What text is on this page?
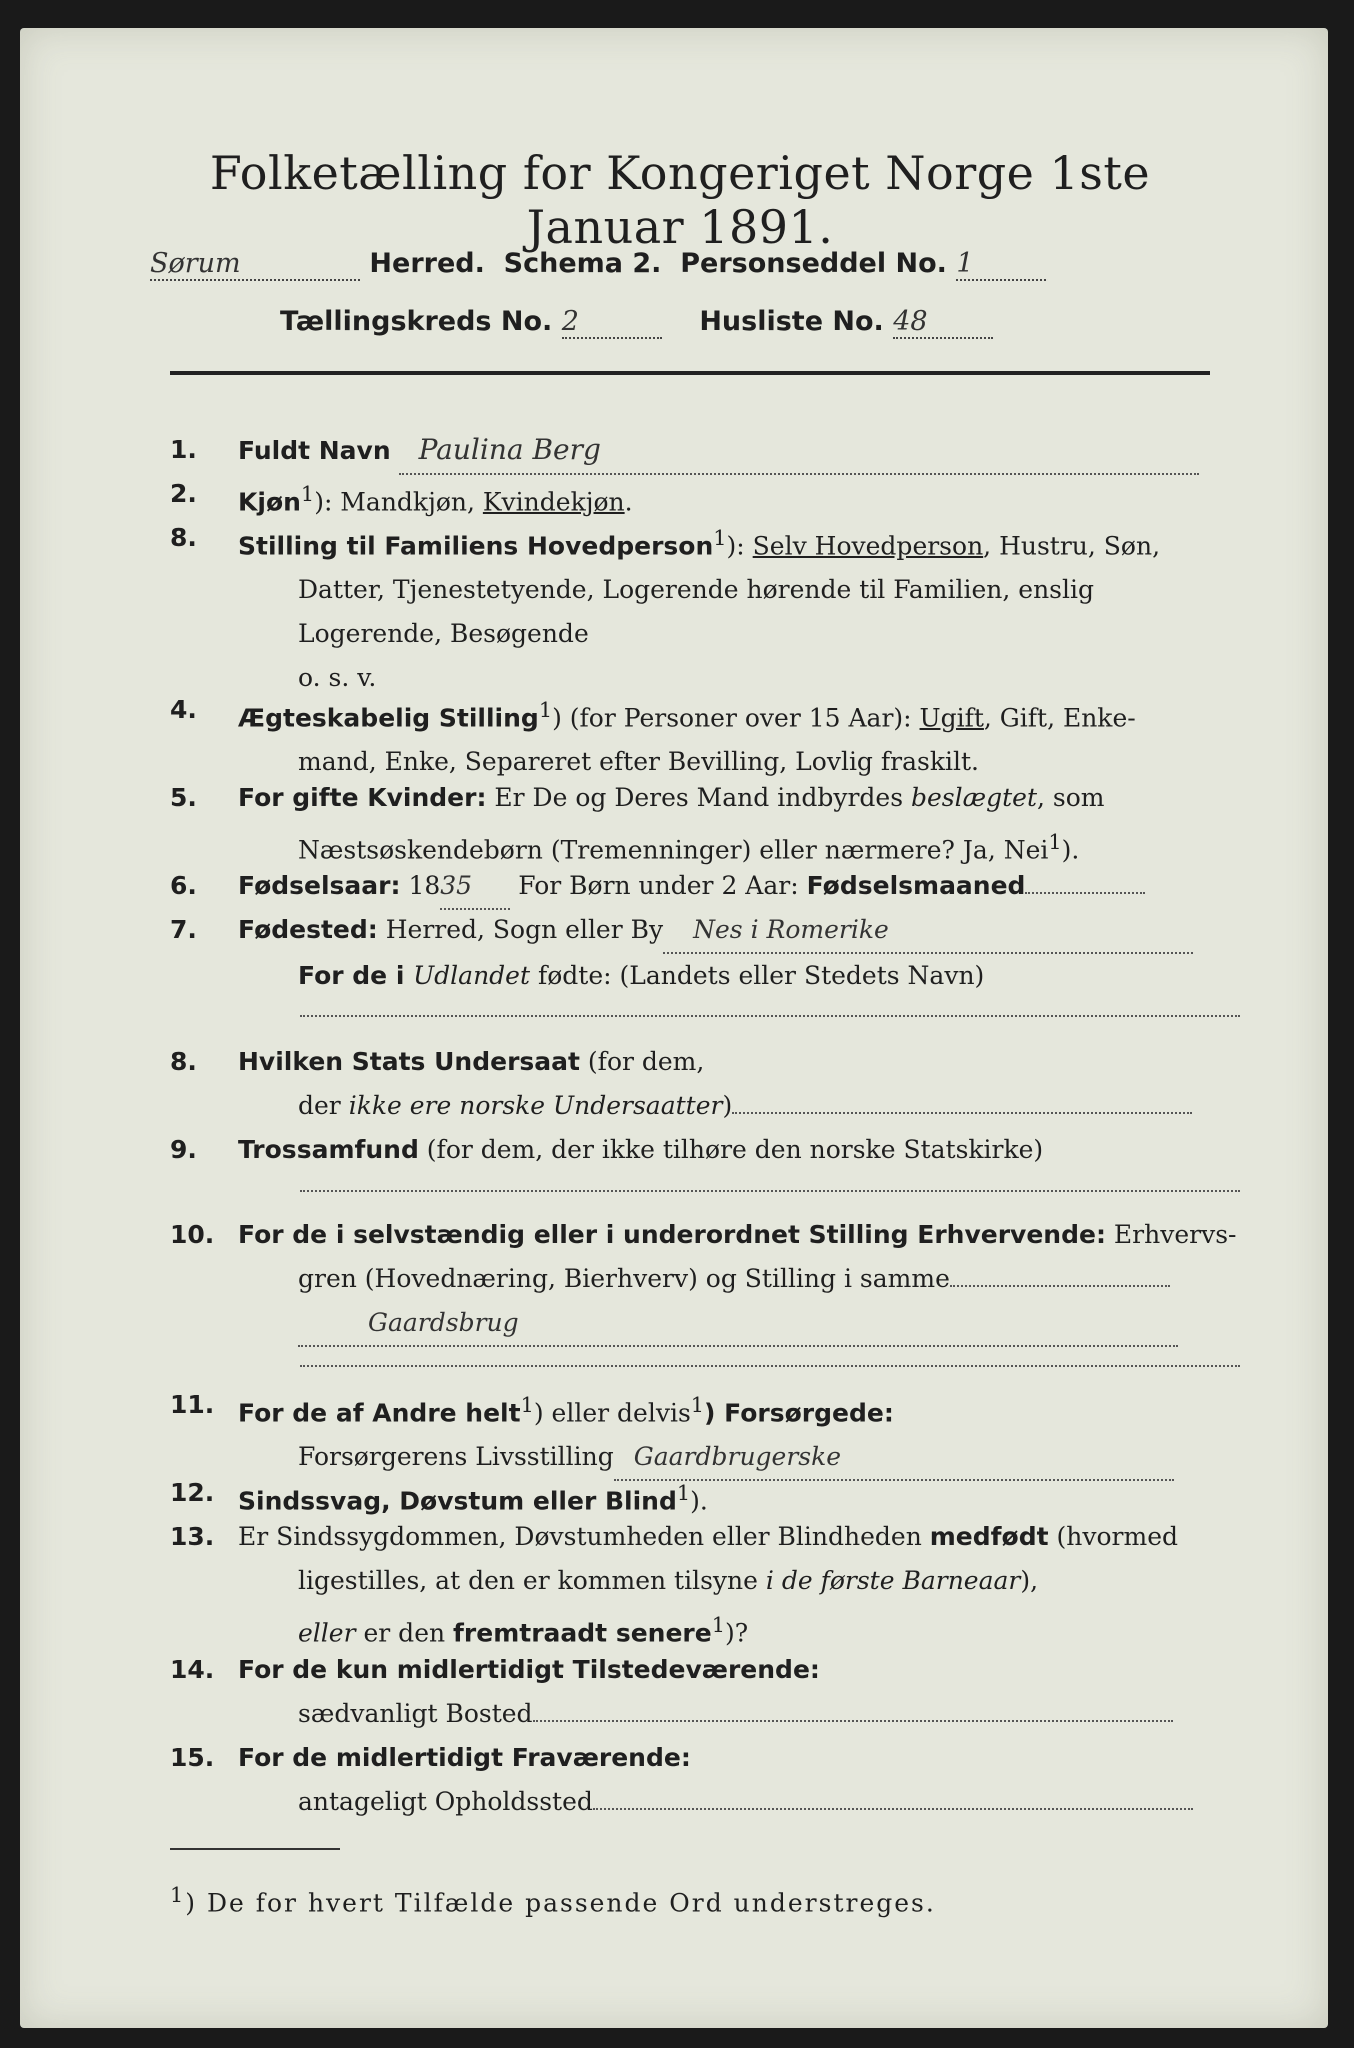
Folketælling for Kongeriget Norge 1ste Januar 1891.
Sørum	Herred. Schema 2. Personseddel No. 1
Tællingskreds No. 2	Husliste No. 48
1.	Fuldt Navn Paulina Berg
2.	Kjøn$^1$): Mandkjøn, Kvindekjøn.
8.	Stilling til Familiens Hovedperson$^1$): Selv Hovedperson, Hustru, Søn,
Datter, Tjenestetyende, Logerende hørende til Familien, enslig
Logerende, Besøgende
o. s. v.
4.	Ægteskabelig Stilling$^1$) (for Personer over 15 Aar): Ugift, Gift, Enke-
mand, Enke, Separeret efter Bevilling, Lovlig fraskilt.
5.	For gifte Kvinder: Er De og Deres Mand indbyrdes beslægtet, som
Næstsøskendebørn (Tremenninger) eller nærmere? Ja, Nei$^1$).
6.	Fødselsaar: 1835 For Børn under 2 Aar: Fødselsmaaned
7.	Fødested: Herred, Sogn eller By Nes i Romerike
For de i Udlandet fødte: (Landets eller Stedets Navn)
8.	Hvilken Stats Undersaat (for dem,
der ikke ere norske Undersaatter)
9.	Trossamfund (for dem, der ikke tilhøre den norske Statskirke)
10. For de i selvstændig eller i underordnet Stilling Erhvervende: Erhvervs-
gren (Hovednæring, Bierhverv) og Stilling i samme
Gaardsbrug
11. For de af Andre helt$^1$) eller delvis$^1$) Forsørgede:
Forsørgerens Livsstilling Gaardbrugerske
12. Sindssvag, Døvstum eller Blind$^1$).
13. Er Sindssygdommen, Døvstumheden eller Blindheden medfødt (hvormed
ligestilles, at den er kommen tilsyne i de første Barneaar),
eller er den fremtraadt senere$^1$)?
14. For de kun midlertidigt Tilstedeværende:
sædvanligt Bosted
15. For de midlertidigt Fraværende:
antageligt Opholdssted
$^1$) De for hvert Tilfælde passende Ord understreges.
